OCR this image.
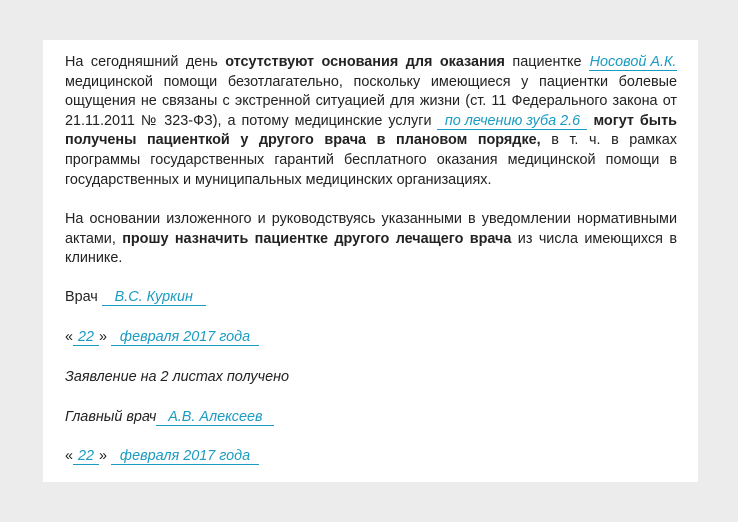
На сегодняшний день отсутствуют основания для оказания пациентке Носовой А.К. медицинской помощи безотлагательно, поскольку имеющиеся у пациентки болевые ощущения не связаны с экстренной ситуацией для жизни (ст. 11 Федерального закона от 21.11.2011 № 323-ФЗ), а потому медицинские услуги по лечению зуба 2.6 могут быть получены пациенткой у другого врача в плановом порядке, в т. ч. в рамках программы государственных гарантий бесплатного оказания медицинской помощи в государственных и муниципальных медицинских организациях.
На основании изложенного и руководствуясь указанными в уведомлении нормативными актами, прошу назначить пациентке другого лечащего врача из числа имеющихся в клинике.
Врач В.С. Куркин
« 22 » февраля 2017 года
Заявление на 2 листах получено
Главный врач А.В. Алексеев
« 22 » февраля 2017 года
